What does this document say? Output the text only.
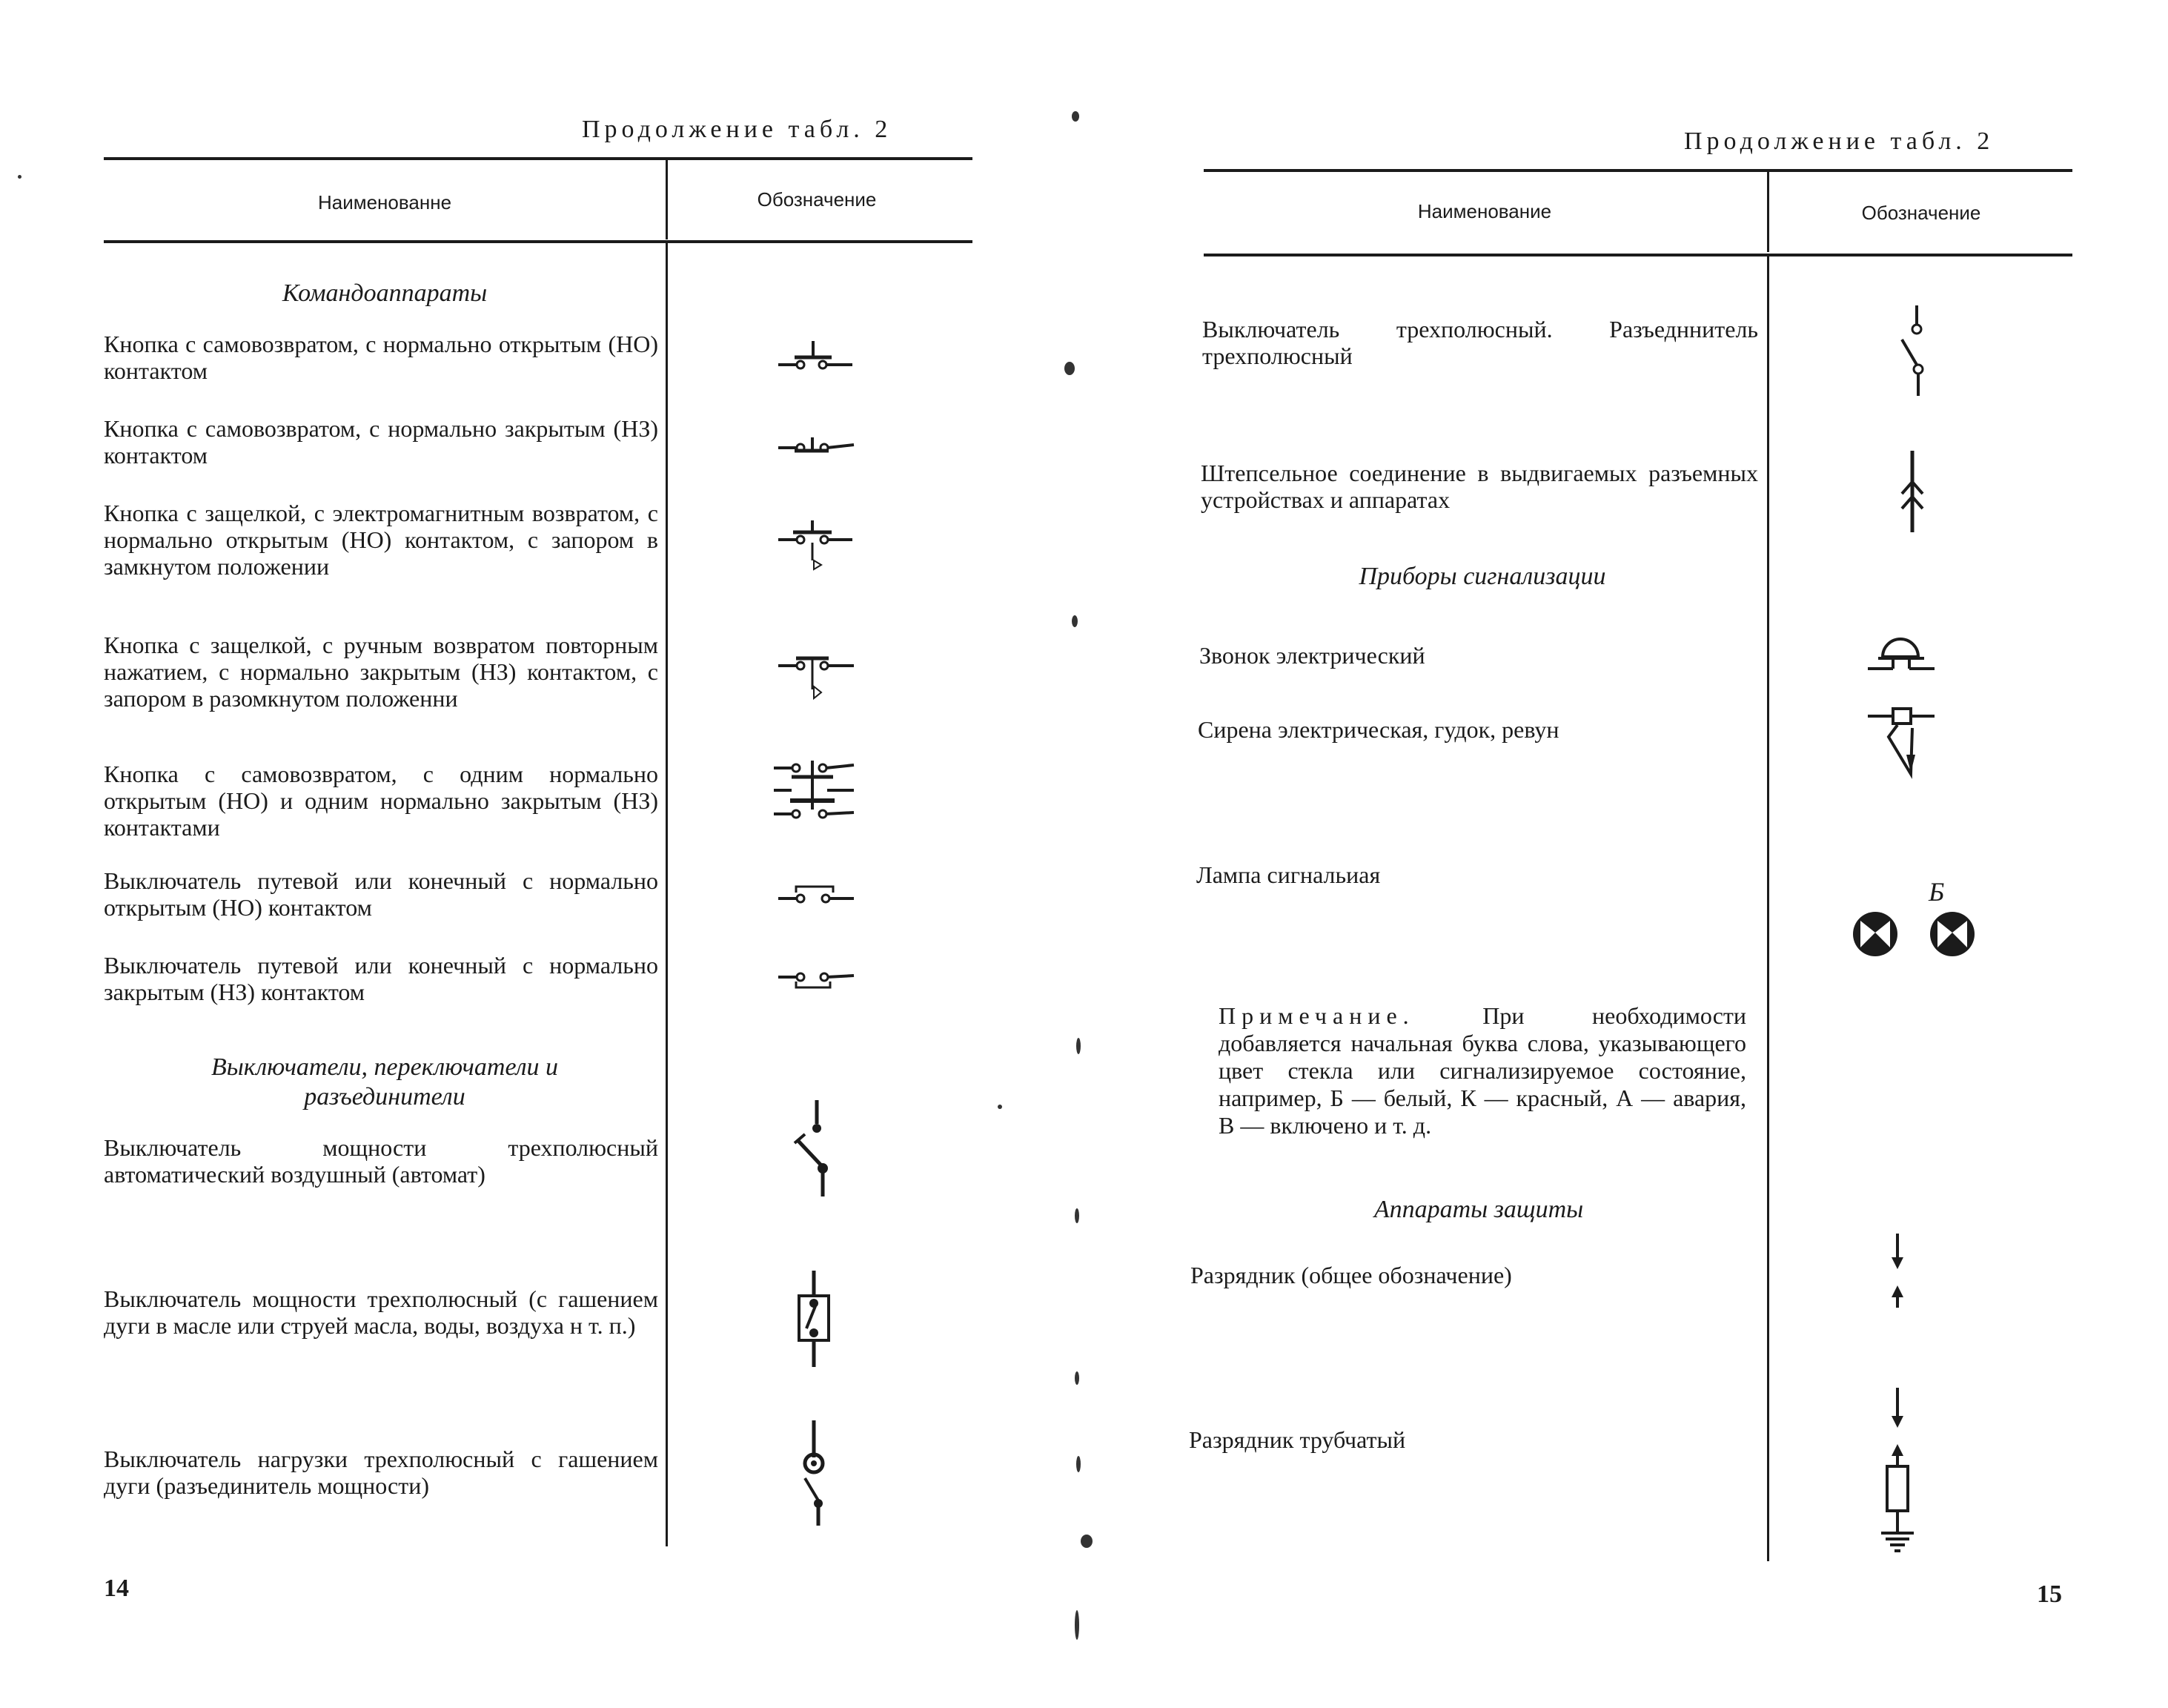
Продолжение табл. 2
Наименованне	Обозначение
Командоаппараты
Кнопка с самовозвратом, с нормально открытым (НО) контактом
Кнопка с самовозвратом, с нормально закрытым (НЗ) контактом
Кнопка с защелкой, с электромагнитным возвратом, с нормально открытым (НО) контактом, с запором в замкнутом положении
Кнопка с защелкой, с ручным возвратом повторным нажатием, с нормально закрытым (НЗ) контактом, с запором в разомкнутом положенни
Кнопка с самовозвратом, с одним нормально открытым (НО) и одним нормально закрытым (НЗ) контактами
Выключатель путевой или конечный с нормально открытым (НО) контактом
Выключатель путевой или конечный с нормально закрытым (НЗ) контактом
Выключатели, переключатели и
разъединители
Выключатель мощности трехполюсный автоматический воздушный (автомат)
Выключатель мощности трехполюсный (с гашением дуги в масле или струей масла, воды, воздуха н т. п.)
Выключатель нагрузки трехполюсный с гашением дуги (разъединитель мощности)
14
Продолжение табл. 2
Наименование	Обозначение
Выключатель трехполюсный. Разъедннитель трехполюсный
Штепсельное соединение в выдвигаемых разъемных устройствах и аппаратах
Приборы сигнализации
Звонок электрический
Сирена электрическая, гудок, ревун
Лампа сигнальиая
Примечание.	При необходимости добавляется начальная буква слова, указывающего цвет стекла или сигнализируемое состояние, например, Б — белый, К — красный, А — авария, В — включено и т. д.
Аппараты защиты
Разрядник (общее обозначение)
Разрядник трубчатый
15
Б
